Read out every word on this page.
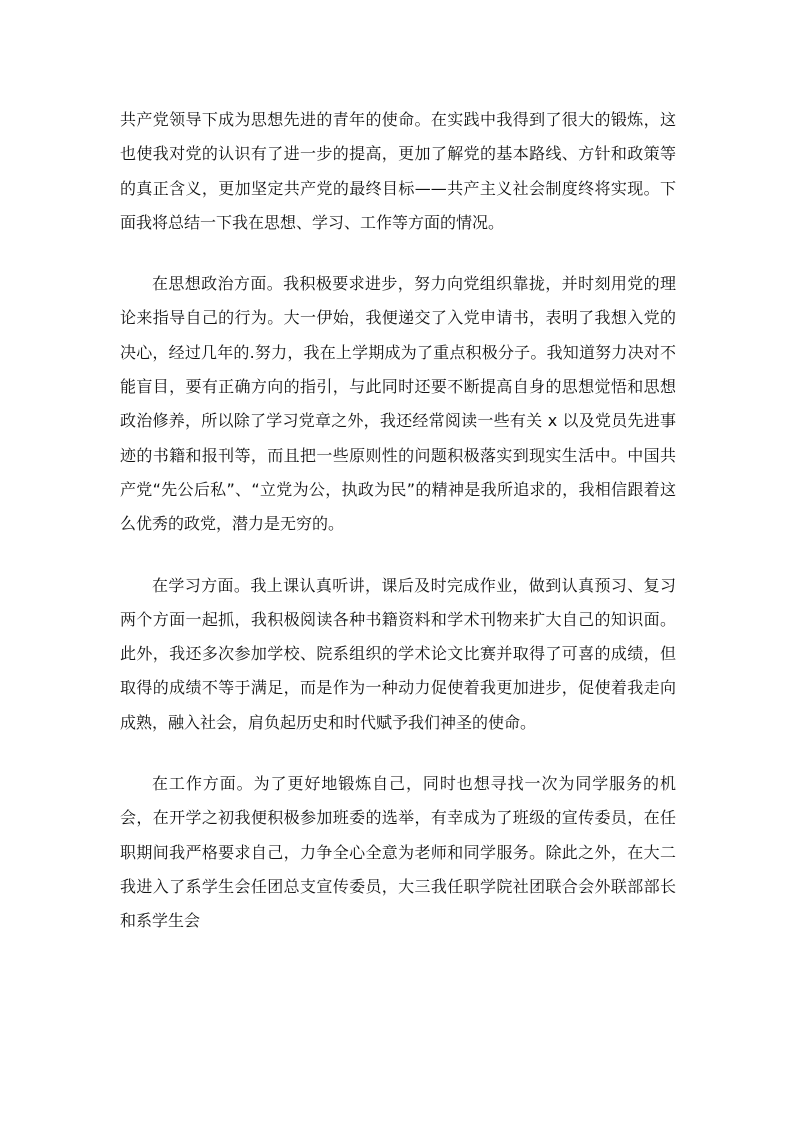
共产党领导下成为思想先进的青年的使命。在实践中我得到了很大的锻炼，这也使我对党的认识有了进一步的提高，更加了解党的基本路线、方针和政策等的真正含义，更加坚定共产党的最终目标——共产主义社会制度终将实现。下面我将总结一下我在思想、学习、工作等方面的情况。

在思想政治方面。我积极要求进步，努力向党组织靠拢，并时刻用党的理论来指导自己的行为。大一伊始，我便递交了入党申请书，表明了我想入党的决心，经过几年的.努力，我在上学期成为了重点积极分子。我知道努力决对不能盲目，要有正确方向的指引，与此同时还要不断提高自身的思想觉悟和思想政治修养，所以除了学习党章之外，我还经常阅读一些有关 x 以及党员先进事迹的书籍和报刊等，而且把一些原则性的问题积极落实到现实生活中。中国共产党“先公后私”、“立党为公，执政为民”的精神是我所追求的，我相信跟着这么优秀的政党，潜力是无穷的。

在学习方面。我上课认真听讲，课后及时完成作业，做到认真预习、复习两个方面一起抓，我积极阅读各种书籍资料和学术刊物来扩大自己的知识面。此外，我还多次参加学校、院系组织的学术论文比赛并取得了可喜的成绩，但取得的成绩不等于满足，而是作为一种动力促使着我更加进步，促使着我走向成熟，融入社会，肩负起历史和时代赋予我们神圣的使命。

在工作方面。为了更好地锻炼自己，同时也想寻找一次为同学服务的机会，在开学之初我便积极参加班委的选举，有幸成为了班级的宣传委员，在任职期间我严格要求自己，力争全心全意为老师和同学服务。除此之外，在大二我进入了系学生会任团总支宣传委员，大三我任职学院社团联合会外联部部长和系学生会
